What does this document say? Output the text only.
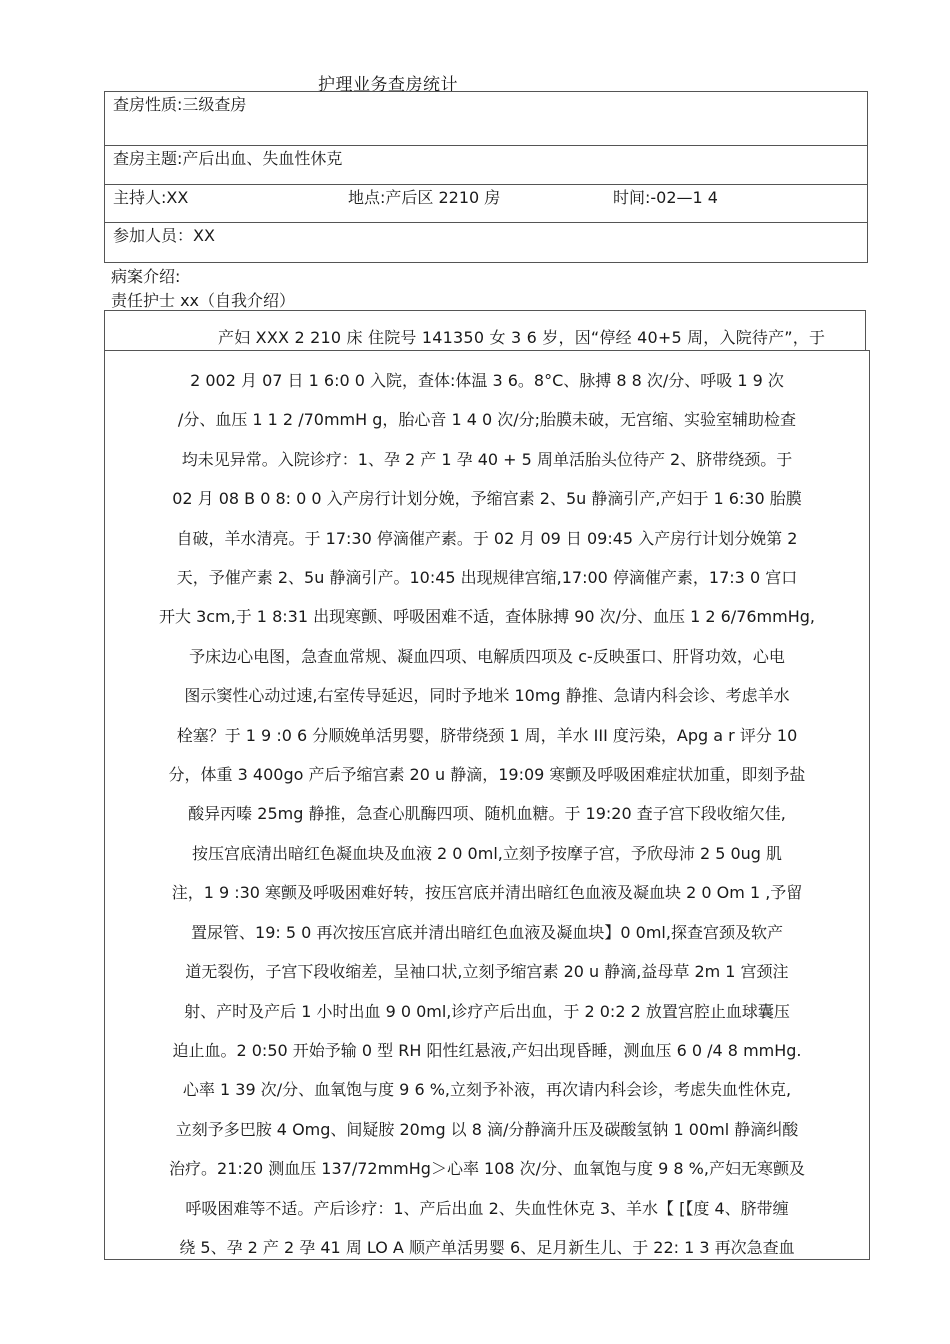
护理业务查房统计
查房性质:三级查房
查房主题:产后出血、失血性休克

主持人:XX	地点:产后区 2210 房	时间:-02—1 4

参加人员：XX
病案介绍:
责任护士 xx（自我介绍）
产妇 XXX 2 210 床 住院号 141350 女 3 6 岁，因“停经 40+5 周，入院待产”，于
2 002 月 07 日 1 6:0 0 入院，查体:体温 3 6。8°C、脉搏 8 8 次/分、呼吸 1 9 次
/分、血压 1 1 2 /70mmH g，胎心音 1 4 0 次/分;胎膜未破，无宫缩、实验室辅助检查
均未见异常。入院诊疗：1、孕 2 产 1 孕 40 + 5 周单活胎头位待产 2、脐带绕颈。于
02 月 08 B 0 8: 0 0 入产房行计划分娩，予缩宫素 2、5u 静滴引产,产妇于 1 6:30 胎膜
自破，羊水清亮。于 17:30 停滴催产素。于 02 月 09 日 09:45 入产房行计划分娩第 2
天，予催产素 2、5u 静滴引产。10:45 出现规律宫缩,17:00 停滴催产素，17:3 0 宫口
开大 3cm,于 1 8:31 出现寒颤、呼吸困难不适，查体脉搏 90 次/分、血压 1 2 6/76mmHg,
予床边心电图，急查血常规、凝血四项、电解质四项及 c-反映蛋口、肝肾功效，心电
图示窦性心动过速,右室传导延迟，同时予地米 10mg 静推、急请内科会诊、考虑羊水
栓塞？于 1 9 :0 6 分顺娩单活男婴，脐带绕颈 1 周，羊水 III 度污染，Apg a r 评分 10
分，体重 3 400go 产后予缩宫素 20 u 静滴，19:09 寒颤及呼吸困难症状加重，即刻予盐
酸异丙嗪 25mg 静推，急查心肌酶四项、随机血糖。于 19:20 査子宫下段收缩欠佳,
按压宫底清出暗红色凝血块及血液 2 0 0ml,立刻予按摩子宫，予欣母沛 2 5 0ug 肌
注，1 9 :30 寒颤及呼吸困难好转，按压宫底并清出暗红色血液及凝血块 2 0 Om 1 ,予留
置尿管、19: 5 0 再次按压宫底并清出暗红色血液及凝血块】0 0ml,探查宫颈及软产
道无裂伤，子宫下段收缩差，呈袖口状,立刻予缩宫素 20 u 静滴,益母草 2m 1 宫颈注
射、产时及产后 1 小时出血 9 0 0ml,诊疗产后出血，于 2 0:2 2 放置宫腔止血球囊压
迫止血。2 0:50 开始予输 0 型 RH 阳性红悬液,产妇出现昏睡，测血压 6 0 /4 8 mmHg.
心率 1 39 次/分、血氧饱与度 9 6 %,立刻予补液，再次请内科会诊，考虑失血性休克,
立刻予多巴胺 4 Omg、间疑胺 20mg 以 8 滴/分静滴升压及碳酸氢钠 1 00ml 静滴纠酸
治疗。21:20 测血压 137/72mmHg＞心率 108 次/分、血氧饱与度 9 8 %,产妇无寒颤及
呼吸困难等不适。产后诊疗：1、产后出血 2、失血性休克 3、羊水【 [【度 4、脐带缠
绕 5、孕 2 产 2 孕 41 周 LO A 顺产单活男婴 6、足月新生儿、于 22: 1 3 再次急查血
